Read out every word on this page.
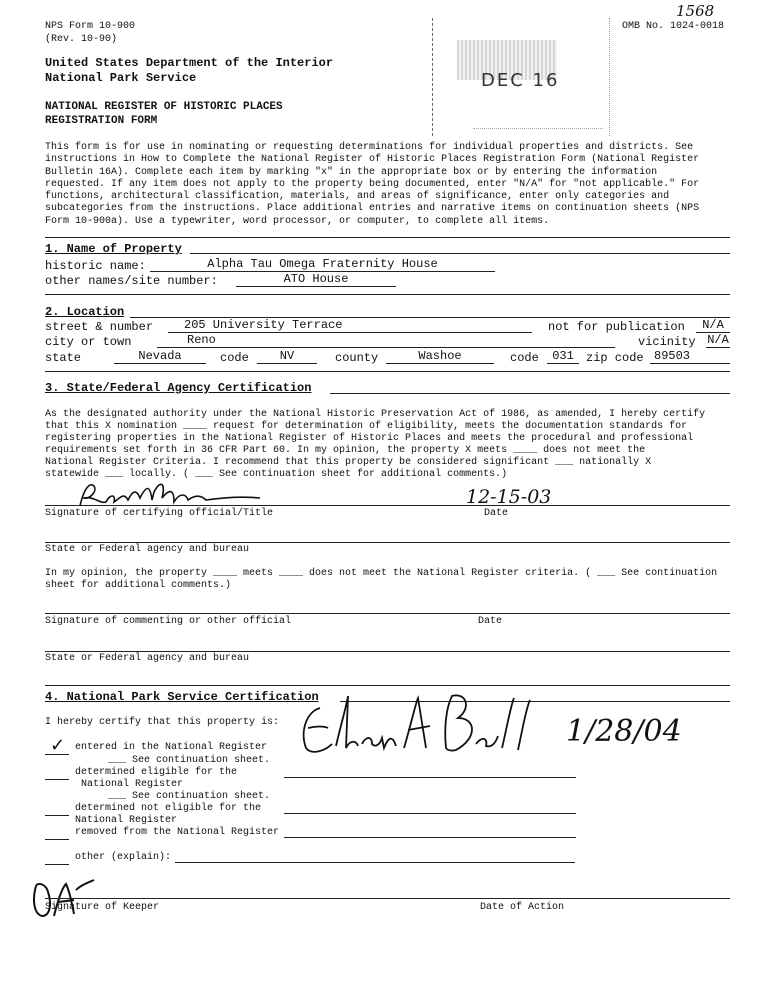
NPS Form 10-900
(Rev. 10-90)
OMB No. 1024-0018
1568
United States Department of the Interior
National Park Service
NATIONAL REGISTER OF HISTORIC PLACES
REGISTRATION FORM
DEC 16
This form is for use in nominating or requesting determinations for individual properties and districts. See
instructions in How to Complete the National Register of Historic Places Registration Form (National Register
Bulletin 16A). Complete each item by marking "x" in the appropriate box or by entering the information
requested. If any item does not apply to the property being documented, enter "N/A" for "not applicable." For
functions, architectural classification, materials, and areas of significance, enter only categories and
subcategories from the instructions. Place additional entries and narrative items on continuation sheets (NPS
Form 10-900a). Use a typewriter, word processor, or computer, to complete all items.
1. Name of Property
historic name:	Alpha Tau Omega Fraternity House
other names/site number:	ATO House
2. Location
street & number	205 University Terrace	not for publication	N/A
city or town	Reno	vicinity N/A
state	Nevada	code	NV	county	Washoe	code	031	zip code 89503
3. State/Federal Agency Certification
As the designated authority under the National Historic Preservation Act of 1986, as amended, I hereby certify
that this X nomination ____ request for determination of eligibility, meets the documentation standards for
registering properties in the National Register of Historic Places and meets the procedural and professional
requirements set forth in 36 CFR Part 60. In my opinion, the property X meets ____ does not meet the
National Register Criteria. I recommend that this property be considered significant ___ nationally X
statewide ___ locally. ( ___ See continuation sheet for additional comments.)
12-15-03
Signature of certifying official/Title	Date
State or Federal agency and bureau
In my opinion, the property ____ meets ____ does not meet the National Register criteria. ( ___ See continuation
sheet for additional comments.)
Signature of commenting or other official	Date
State or Federal agency and bureau
4. National Park Service Certification
I hereby certify that this property is:	1/28/04
✓ entered in the National Register
___ See continuation sheet.
determined eligible for the
National Register
___ See continuation sheet.
determined not eligible for the
National Register
removed from the National Register
other (explain):
Signature of Keeper	Date of Action
